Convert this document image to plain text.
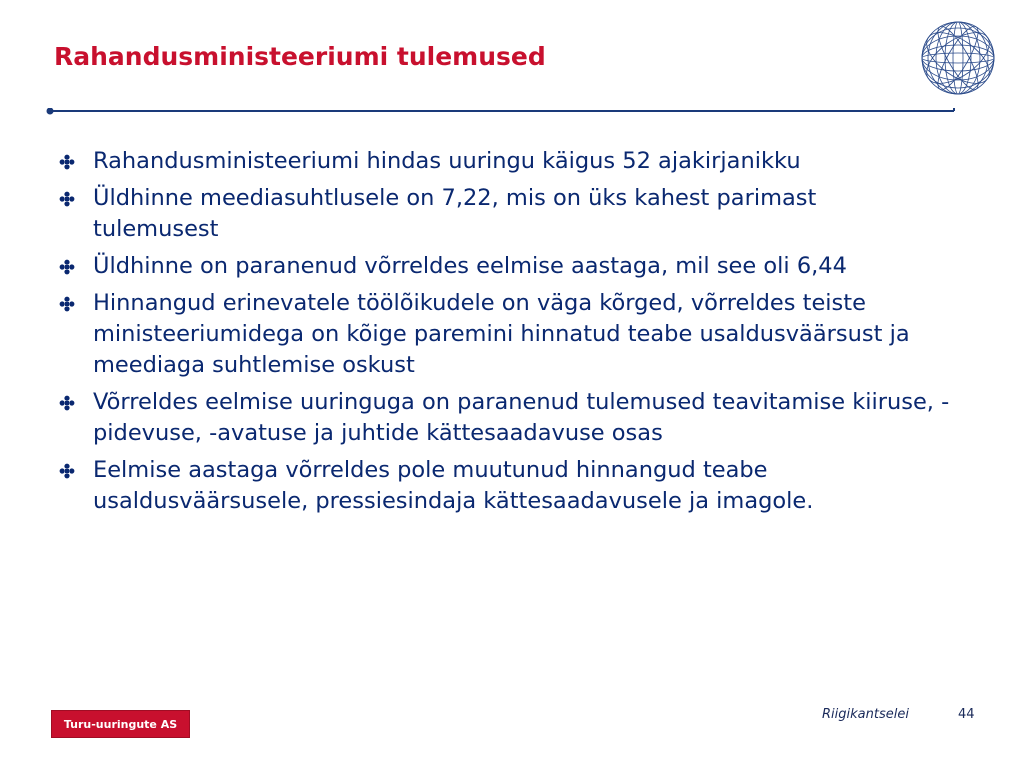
Rahandusministeeriumi tulemused
Rahandusministeeriumi hindas uuringu käigus 52 ajakirjanikku
Üldhinne meediasuhtlusele on 7,22, mis on üks kahest parimast  tulemusest
Üldhinne on paranenud võrreldes eelmise aastaga, mil see oli 6,44
Hinnangud erinevatele töölõikudele on väga kõrged, võrreldes teiste ministeeriumidega on kõige paremini hinnatud teabe usaldusväärsust ja meediaga suhtlemise oskust
Võrreldes eelmise uuringuga on paranenud tulemused teavitamise kiiruse, -pidevuse, -avatuse ja juhtide kättesaadavuse osas
Eelmise aastaga võrreldes pole muutunud hinnangud teabe usaldusväärsusele, pressiesindaja kättesaadavusele ja imagole.
Turu-uuringute AS
Riigikantselei	44
